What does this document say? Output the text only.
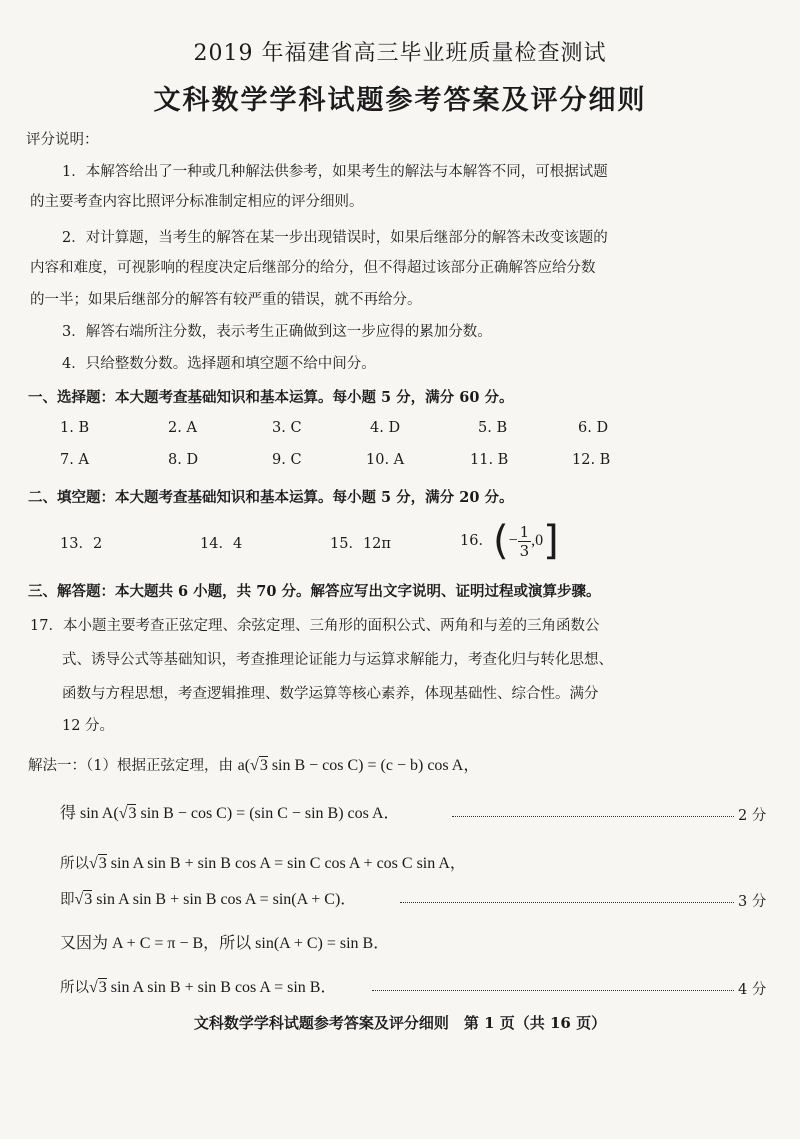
2019 年福建省高三毕业班质量检查测试
文科数学学科试题参考答案及评分细则
评分说明：
1．本解答给出了一种或几种解法供参考，如果考生的解法与本解答不同，可根据试题
的主要考查内容比照评分标准制定相应的评分细则。
2．对计算题，当考生的解答在某一步出现错误时，如果后继部分的解答未改变该题的
内容和难度，可视影响的程度决定后继部分的给分，但不得超过该部分正确解答应给分数
的一半；如果后继部分的解答有较严重的错误，就不再给分。
3．解答右端所注分数，表示考生正确做到这一步应得的累加分数。
4．只给整数分数。选择题和填空题不给中间分。
一、选择题：本大题考查基础知识和基本运算。每小题 5 分，满分 60 分。
1. B	2. A	3. C	4. D	5. B	6. D
7. A	8. D	9. C	10. A	11. B	12. B
二、填空题：本大题考查基础知识和基本运算。每小题 5 分，满分 20 分。
13．2	14．4	15．12π	16．(− $\frac{1}{3} ,0$]
三、解答题：本大题共 6 小题，共 70 分。解答应写出文字说明、证明过程或演算步骤。
17．本小题主要考查正弦定理、余弦定理、三角形的面积公式、两角和与差的三角函数公
式、诱导公式等基础知识，考查推理论证能力与运算求解能力，考查化归与转化思想、
函数与方程思想，考查逻辑推理、数学运算等核心素养，体现基础性、综合性。满分
12 分。
解法一：（1）根据正弦定理，由 a(√3 sin B − cos C) = (c − b) cos A，
得 sin A(√3 sin B − cos C) = (sin C − sin B) cos A．	2 分
所以√3 sin A sin B + sin B cos A = sin C cos A + cos C sin A，
即√3 sin A sin B + sin B cos A = sin(A + C)．	3 分
又因为 A + C = π − B，所以 sin(A + C) = sin B．
所以√3 sin A sin B + sin B cos A = sin B．	4 分
文科数学学科试题参考答案及评分细则　第 1 页（共 16 页）
